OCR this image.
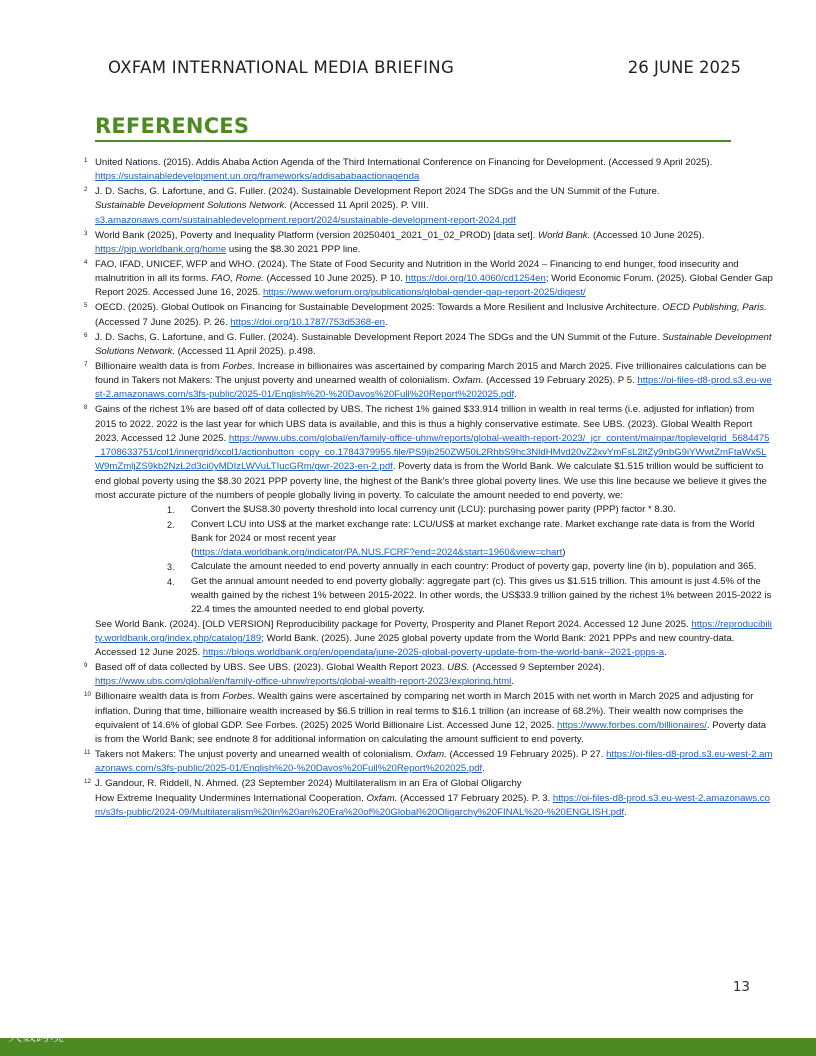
OXFAM INTERNATIONAL MEDIA BRIEFING	26 JUNE 2025
REFERENCES
1 United Nations. (2015). Addis Ababa Action Agenda of the Third International Conference on Financing for Development. (Accessed 9 April 2025).
https://sustainabledevelopment.un.org/frameworks/addisababaactionagenda
2 J. D. Sachs, G. Lafortune, and G. Fuller. (2024). Sustainable Development Report 2024 The SDGs and the UN Summit of the Future.
Sustainable Development Solutions Network. (Accessed 11 April 2025). P. VIII.
s3.amazonaws.com/sustainabledevelopment.report/2024/sustainable-development-report-2024.pdf
3 World Bank (2025), Poverty and Inequality Platform (version 20250401_2021_01_02_PROD) [data set]. World Bank. (Accessed 10 June 2025).
https://pip.worldbank.org/home using the $8.30 2021 PPP line.
4 FAO, IFAD, UNICEF, WFP and WHO. (2024). The State of Food Security and Nutrition in the World 2024 – Financing to end hunger, food insecurity and malnutrition in all its forms. FAO, Rome. (Accessed 10 June 2025). P 10. https://doi.org/10.4060/cd1254en; World Economic Forum. (2025). Global Gender Gap Report 2025. Accessed June 16, 2025. https://www.weforum.org/publications/global-gender-gap-report-2025/digest/
5 OECD. (2025). Global Outlook on Financing for Sustainable Development 2025: Towards a More Resilient and Inclusive Architecture. OECD Publishing, Paris. (Accessed 7 June 2025). P. 26. https://doi.org/10.1787/753d5368-en.
6 J. D. Sachs, G. Lafortune, and G. Fuller. (2024). Sustainable Development Report 2024 The SDGs and the UN Summit of the Future. Sustainable Development Solutions Network. (Accessed 11 April 2025). p.498.
7 Billionaire wealth data is from Forbes. Increase in billionaires was ascertained by comparing March 2015 and March 2025. Five trillionaires calculations can be found in Takers not Makers: The unjust poverty and unearned wealth of colonialism. Oxfam. (Accessed 19 February 2025). P 5. https://oi-files-d8-prod.s3.eu-west-2.amazonaws.com/s3fs-public/2025-01/English%20-%20Davos%20Full%20Report%202025.pdf.
8 Gains of the richest 1% are based off of data collected by UBS. The richest 1% gained $33.914 trillion in wealth in real terms (i.e. adjusted for inflation) from 2015 to 2022. 2022 is the last year for which UBS data is available, and this is thus a highly conservative estimate. See UBS. (2023). Global Wealth Report 2023. Accessed 12 June 2025. https://www.ubs.com/global/en/family-office-uhnw/reports/global-wealth-report-2023/_jcr_content/mainpar/toplevelgrid_5684475_1708633751/col1/innergrid/xcol1/actionbutton_copy_co.1784379955.file/PS9jb250ZW50L2RhbS9hc3NldHMvd20vZ2xvYmFsL2ltZy9nbG9iYWwtZmFtaWx5LW9mZmljZS9kb2NzL2d3ci0yMDIzLWVuLTIucGRm/gwr-2023-en-2.pdf. Poverty data is from the World Bank. We calculate $1.515 trillion would be sufficient to end global poverty using the $8.30 2021 PPP poverty line, the highest of the Bank's three global poverty lines. We use this line because we believe it gives the most accurate picture of the numbers of people globally living in poverty. To calculate the amount needed to end poverty, we:
1. Convert the $US8.30 poverty threshold into local currency unit (LCU): purchasing power parity (PPP) factor * 8.30.
2. Convert LCU into US$ at the market exchange rate: LCU/US$ at market exchange rate. Market exchange rate data is from the World Bank for 2024 or most recent year
(https://data.worldbank.org/indicator/PA.NUS.FCRF?end=2024&start=1960&view=chart)
3. Calculate the amount needed to end poverty annually in each country: Product of poverty gap, poverty line (in b), population and 365.
4. Get the annual amount needed to end poverty globally: aggregate part (c). This gives us $1.515 trillion. This amount is just 4.5% of the wealth gained by the richest 1% between 2015-2022. In other words, the US$33.9 trillion gained by the richest 1% between 2015-2022 is 22.4 times the amounted needed to end global poverty.
See World Bank. (2024). [OLD VERSION] Reproducibility package for Poverty, Prosperity and Planet Report 2024. Accessed 12 June 2025. https://reproducibility.worldbank.org/index.php/catalog/189; World Bank. (2025). June 2025 global poverty update from the World Bank: 2021 PPPs and new country-data. Accessed 12 June 2025. https://blogs.worldbank.org/en/opendata/june-2025-global-poverty-update-from-the-world-bank--2021-ppps-a.
9 Based off of data collected by UBS. See UBS. (2023). Global Wealth Report 2023. UBS. (Accessed 9 September 2024).
https://www.ubs.com/global/en/family-office-uhnw/reports/global-wealth-report-2023/exploring.html.
10 Billionaire wealth data is from Forbes. Wealth gains were ascertained by comparing net worth in March 2015 with net worth in March 2025 and adjusting for inflation. During that time, billionaire wealth increased by $6.5 trillion in real terms to $16.1 trillion (an increase of 68.2%). Their wealth now comprises the equivalent of 14.6% of global GDP. See Forbes. (2025) 2025 World Billionaire List. Accessed June 12, 2025. https://www.forbes.com/billionaires/. Poverty data is from the World Bank; see endnote 8 for additional information on calculating the amount sufficient to end poverty.
11 Takers not Makers: The unjust poverty and unearned wealth of colonialism. Oxfam. (Accessed 19 February 2025). P 27. https://oi-files-d8-prod.s3.eu-west-2.amazonaws.com/s3fs-public/2025-01/English%20-%20Davos%20Full%20Report%202025.pdf.
12 J. Gandour, R. Riddell, N. Ahmed. (23 September 2024) Multilateralism in an Era of Global Oligarchy
How Extreme Inequality Undermines International Cooperation. Oxfam. (Accessed 17 February 2025). P. 3. https://oi-files-d8-prod.s3.eu-west-2.amazonaws.com/s3fs-public/2024-09/Multilateralism%20in%20an%20Era%20of%20Global%20Oligarchy%20FINAL%20-%20ENGLISH.pdf.
13
大数跨境
